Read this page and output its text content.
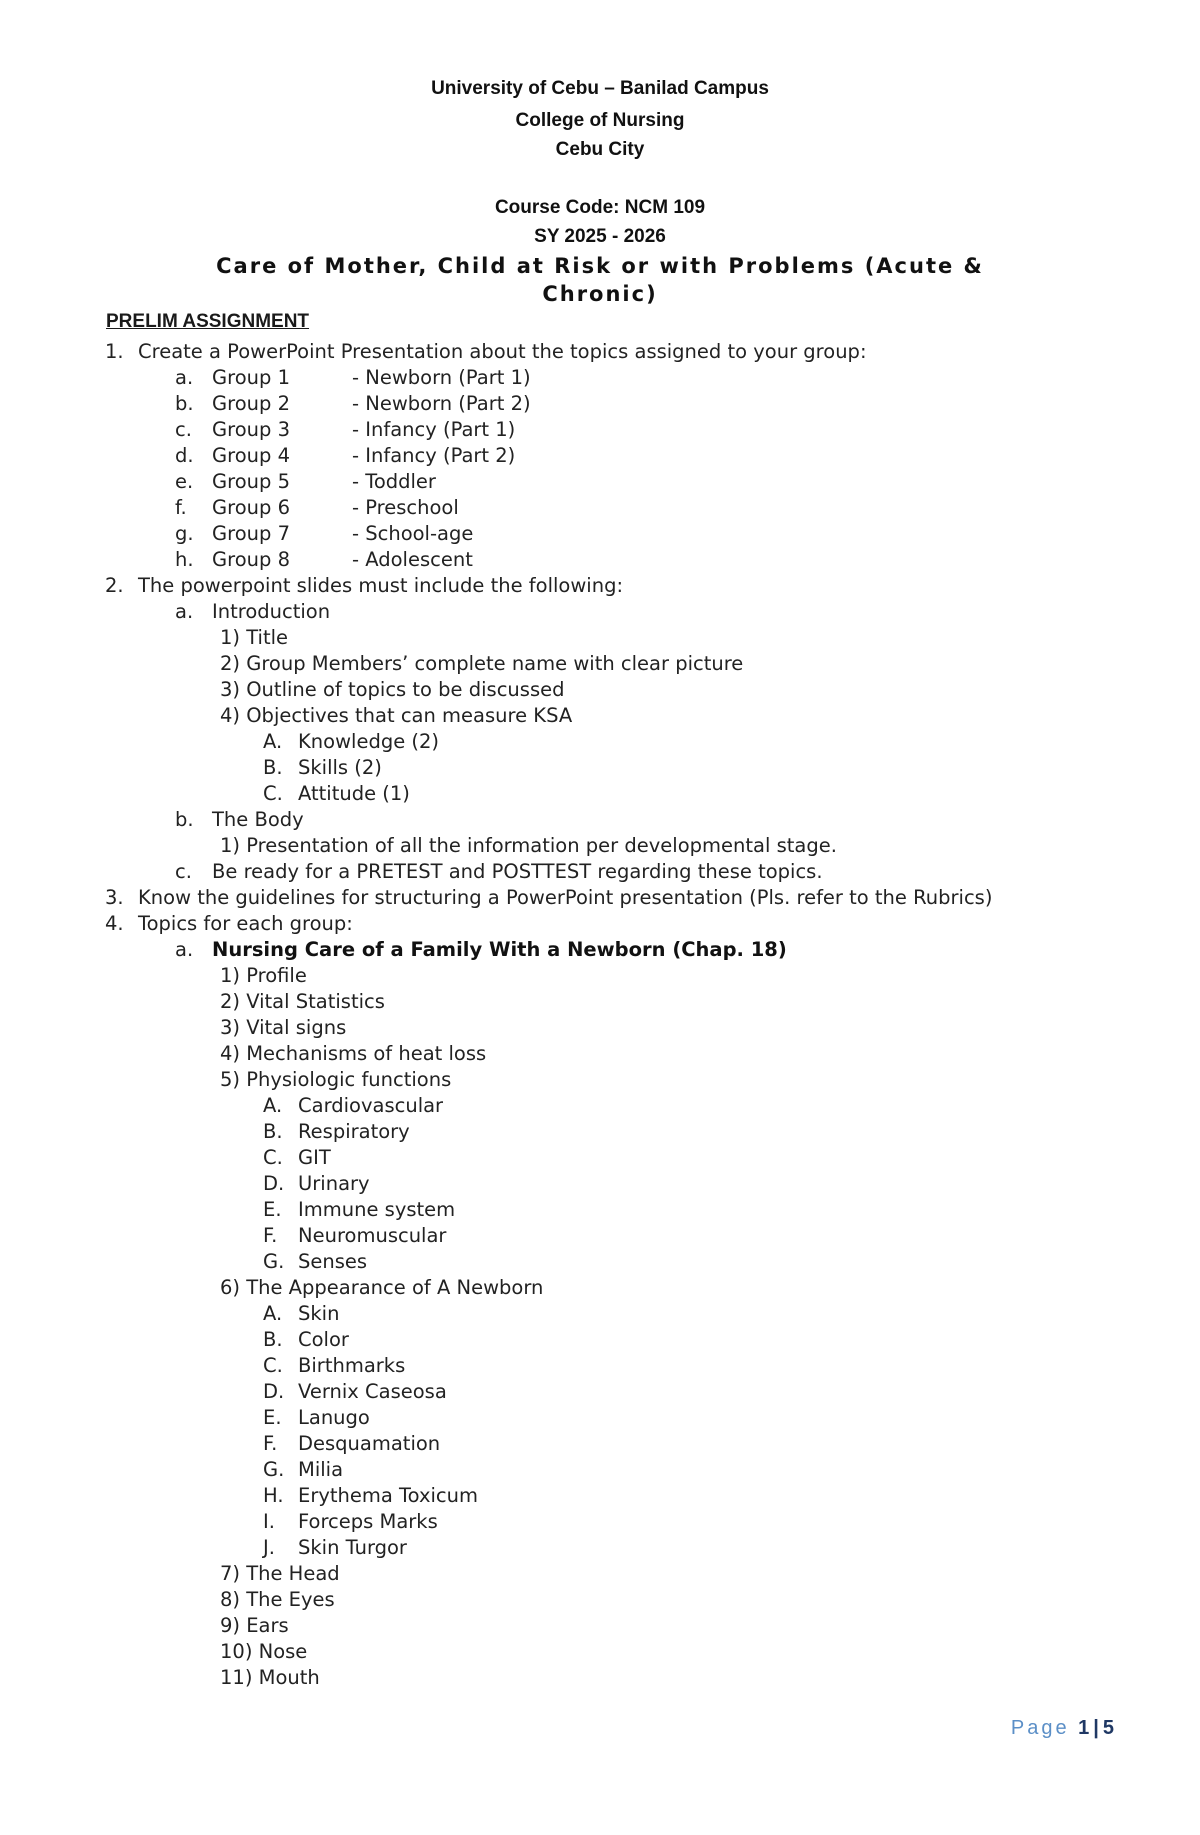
University of Cebu – Banilad Campus
College of Nursing
Cebu City
Course Code: NCM 109
SY 2025 - 2026
Care of Mother, Child at Risk or with Problems (Acute &
Chronic)
PRELIM ASSIGNMENT
1. Create a PowerPoint Presentation about the topics assigned to your group:
a. Group 1	- Newborn (Part 1)
b. Group 2	- Newborn (Part 2)
c. Group 3	- Infancy (Part 1)
d. Group 4	- Infancy (Part 2)
e. Group 5	- Toddler
f. Group 6	- Preschool
g. Group 7	- School-age
h. Group 8	- Adolescent
2. The powerpoint slides must include the following:
a. Introduction
1) Title
2) Group Members’ complete name with clear picture
3) Outline of topics to be discussed
4) Objectives that can measure KSA
A. Knowledge (2)
B. Skills (2)
C. Attitude (1)
b. The Body
1) Presentation of all the information per developmental stage.
c. Be ready for a PRETEST and POSTTEST regarding these topics.
3. Know the guidelines for structuring a PowerPoint presentation (Pls. refer to the Rubrics)
4. Topics for each group:
a. Nursing Care of a Family With a Newborn (Chap. 18)
1) Profile
2) Vital Statistics
3) Vital signs
4) Mechanisms of heat loss
5) Physiologic functions
A. Cardiovascular
B. Respiratory
C. GIT
D. Urinary
E. Immune system
F. Neuromuscular
G. Senses
6) The Appearance of A Newborn
A. Skin
B. Color
C. Birthmarks
D. Vernix Caseosa
E. Lanugo
F. Desquamation
G. Milia
H. Erythema Toxicum
I. Forceps Marks
J. Skin Turgor
7) The Head
8) The Eyes
9) Ears
10) Nose
11) Mouth
Page 1 | 5
